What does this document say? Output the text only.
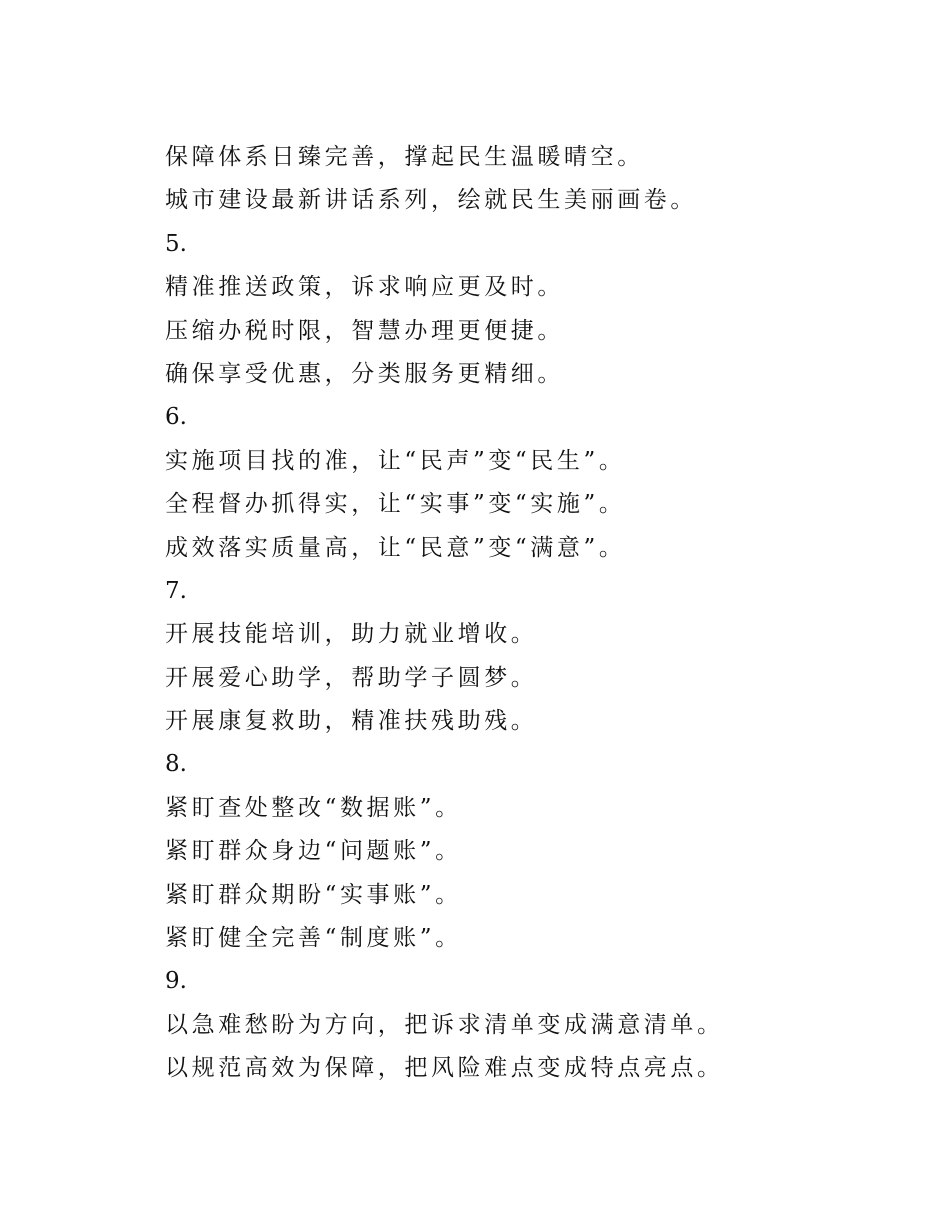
保障体系日臻完善，撑起民生温暖晴空。
城市建设最新讲话系列，绘就民生美丽画卷。
5.
精准推送政策，诉求响应更及时。
压缩办税时限，智慧办理更便捷。
确保享受优惠，分类服务更精细。
6.
实施项目找的准，让“民声”变“民生”。
全程督办抓得实，让“实事”变“实施”。
成效落实质量高，让“民意”变“满意”。
7.
开展技能培训，助力就业增收。
开展爱心助学，帮助学子圆梦。
开展康复救助，精准扶残助残。
8.
紧盯查处整改“数据账”。
紧盯群众身边“问题账”。
紧盯群众期盼“实事账”。
紧盯健全完善“制度账”。
9.
以急难愁盼为方向，把诉求清单变成满意清单。
以规范高效为保障，把风险难点变成特点亮点。
